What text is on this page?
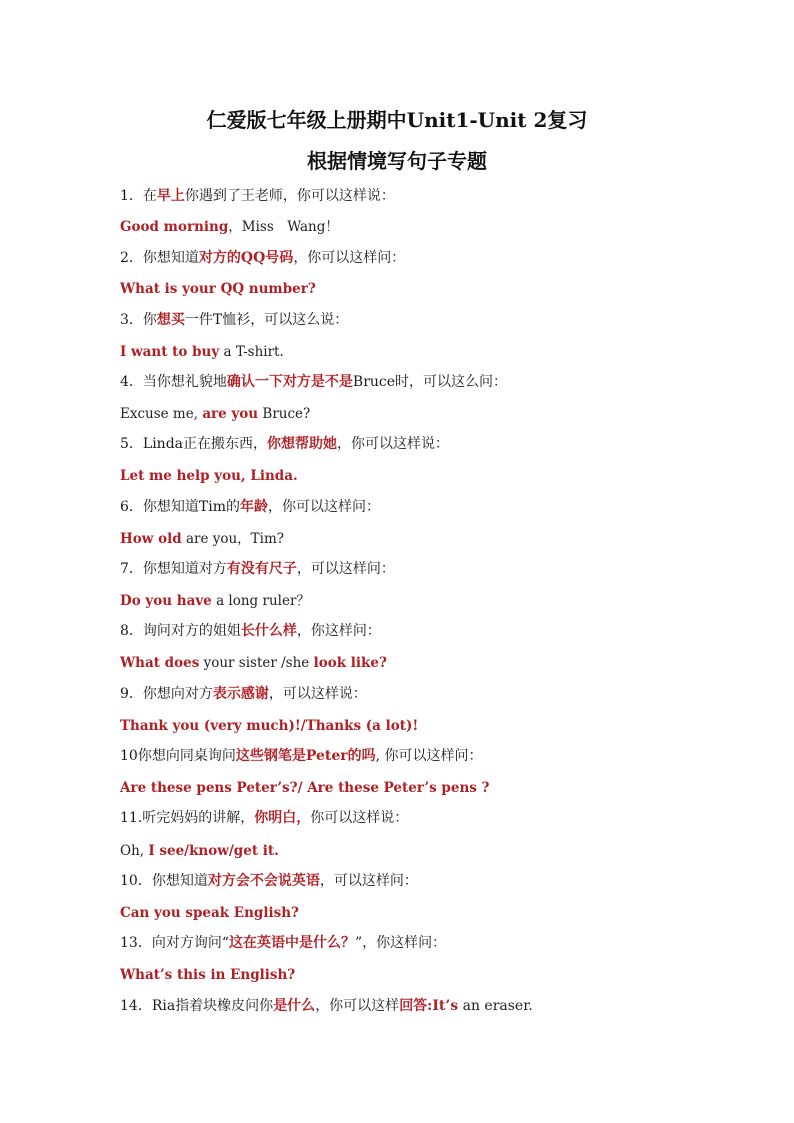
仁爱版七年级上册期中Unit1-Unit 2复习
根据情境写句子专题
1．在早上你遇到了王老师，你可以这样说：
Good morning，Miss　Wang！
2．你想知道对方的QQ号码，你可以这样问：
What is your QQ number?
3．你想买一件T恤衫，可以这么说：
I want to buy a T-shirt.
4．当你想礼貌地确认一下对方是不是Bruce时，可以这么问：
Excuse me, are you Bruce?
5．Linda正在搬东西，你想帮助她，你可以这样说：
Let me help you, Linda.
6．你想知道Tim的年龄，你可以这样问：
How old are you，Tim?
7．你想知道对方有没有尺子，可以这样问：
Do you have a long ruler？
8．询问对方的姐姐长什么样，你这样问：
What does your sister /she look like?
9．你想向对方表示感谢，可以这样说：
Thank you (very much)!/Thanks (a lot)!
10你想向同桌询问这些钢笔是Peter的吗, 你可以这样问：
Are these pens Peter’s?/ Are these Peter’s pens ?
11.听完妈妈的讲解，你明白，你可以这样说：
Oh, I see/know/get it.
10．你想知道对方会不会说英语，可以这样问：
Can you speak English?
13．向对方询问“这在英语中是什么？”，你这样问：
What’s this in English?
14．Ria指着块橡皮问你是什么，你可以这样回答:It’s an eraser.
